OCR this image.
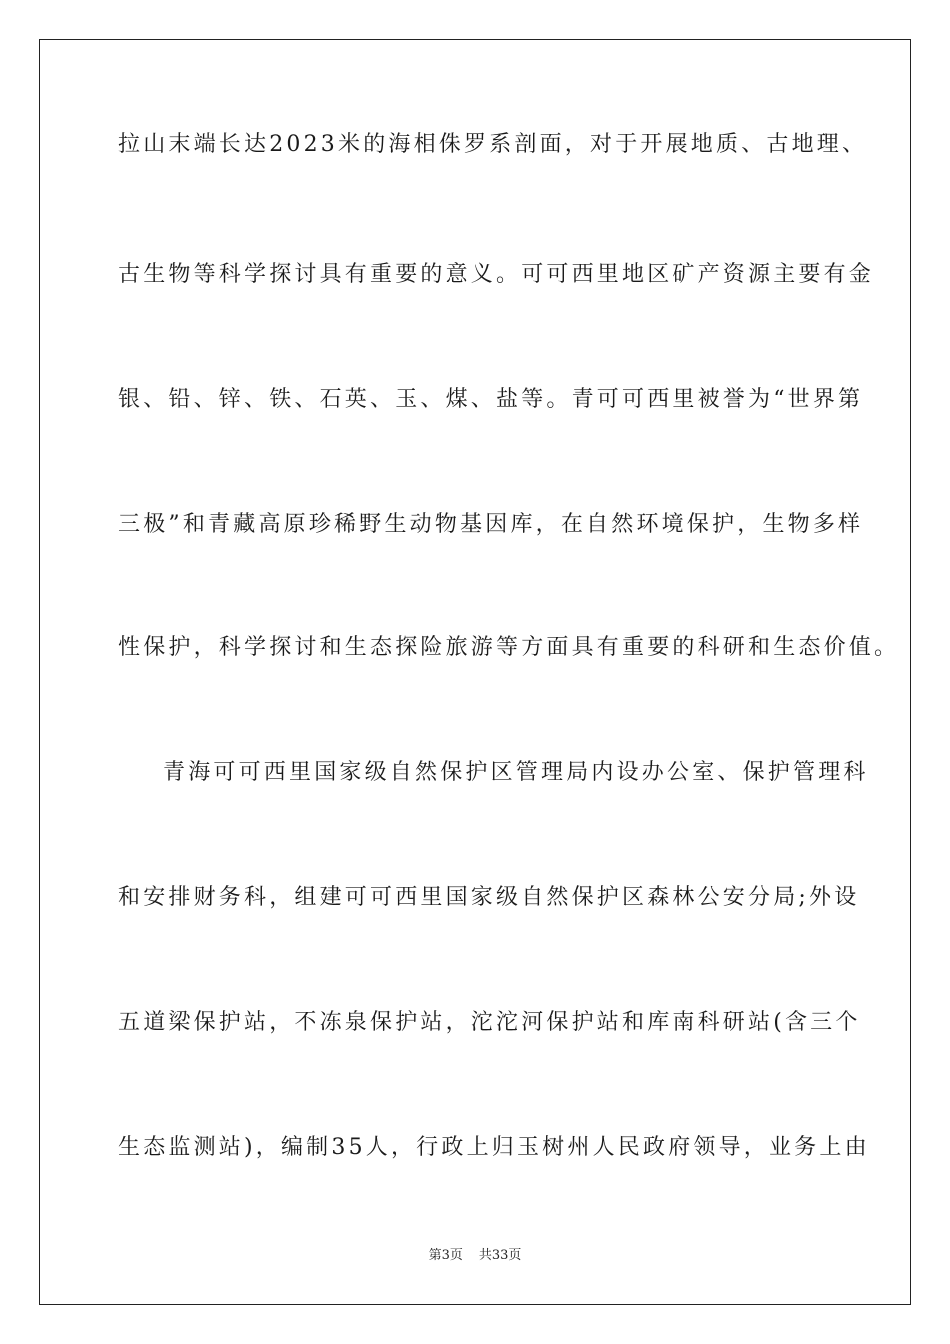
拉山末端长达2023米的海相侏罗系剖面，对于开展地质、古地理、
古生物等科学探讨具有重要的意义。可可西里地区矿产资源主要有金
银、铅、锌、铁、石英、玉、煤、盐等。青可可西里被誉为“世界第
三极”和青藏高原珍稀野生动物基因库，在自然环境保护，生物多样
性保护，科学探讨和生态探险旅游等方面具有重要的科研和生态价值。
青海可可西里国家级自然保护区管理局内设办公室、保护管理科
和安排财务科，组建可可西里国家级自然保护区森林公安分局;外设
五道梁保护站，不冻泉保护站，沱沱河保护站和库南科研站(含三个
生态监测站)，编制35人，行政上归玉树州人民政府领导，业务上由
第3页 共33页
